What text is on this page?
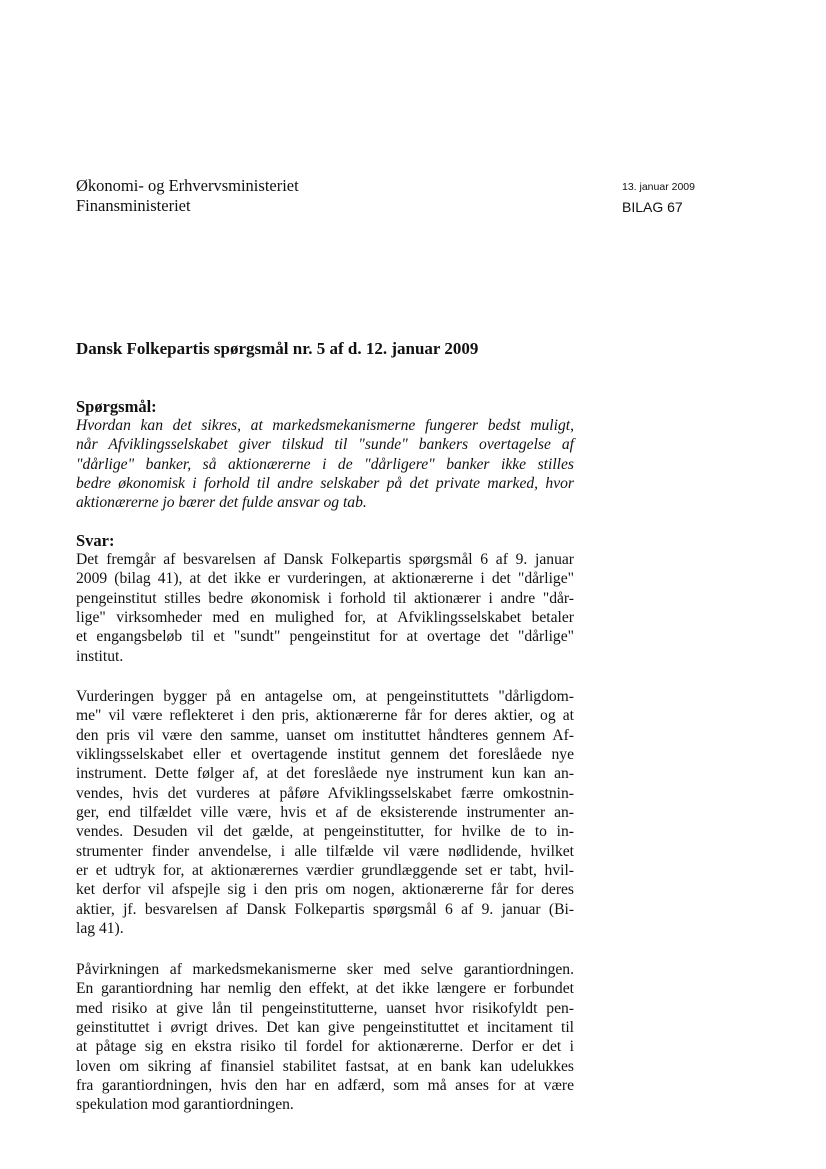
Økonomi- og Erhvervsministeriet
Finansministeriet
13. januar 2009
BILAG 67
Dansk Folkepartis spørgsmål nr. 5 af d. 12. januar 2009

Spørgsmål:

Hvordan kan det sikres, at markedsmekanismerne fungerer bedst muligt,
når Afviklingsselskabet giver tilskud til "sunde" bankers overtagelse af
"dårlige" banker, så aktionærerne i de "dårligere" banker ikke stilles
bedre økonomisk i forhold til andre selskaber på det private marked, hvor
aktionærerne jo bærer det fulde ansvar og tab.

Svar:

Det fremgår af besvarelsen af Dansk Folkepartis spørgsmål 6 af 9. januar
2009 (bilag 41), at det ikke er vurderingen, at aktionærerne i det "dårlige"
pengeinstitut stilles bedre økonomisk i forhold til aktionærer i andre "dår-
lige" virksomheder med en mulighed for, at Afviklingsselskabet betaler
et engangsbeløb til et "sundt" pengeinstitut for at overtage det "dårlige"
institut.

Vurderingen bygger på en antagelse om, at pengeinstituttets "dårligdom-
me" vil være reflekteret i den pris, aktionærerne får for deres aktier, og at
den pris vil være den samme, uanset om instituttet håndteres gennem Af-
viklingsselskabet eller et overtagende institut gennem det foreslåede nye
instrument. Dette følger af, at det foreslåede nye instrument kun kan an-
vendes, hvis det vurderes at påføre Afviklingsselskabet færre omkostnin-
ger, end tilfældet ville være, hvis et af de eksisterende instrumenter an-
vendes. Desuden vil det gælde, at pengeinstitutter, for hvilke de to in-
strumenter finder anvendelse, i alle tilfælde vil være nødlidende, hvilket
er et udtryk for, at aktionærernes værdier grundlæggende set er tabt, hvil-
ket derfor vil afspejle sig i den pris om nogen, aktionærerne får for deres
aktier, jf. besvarelsen af Dansk Folkepartis spørgsmål 6 af 9. januar (Bi-
lag 41).

Påvirkningen af markedsmekanismerne sker med selve garantiordningen.
En garantiordning har nemlig den effekt, at det ikke længere er forbundet
med risiko at give lån til pengeinstitutterne, uanset hvor risikofyldt pen-
geinstituttet i øvrigt drives. Det kan give pengeinstituttet et incitament til
at påtage sig en ekstra risiko til fordel for aktionærerne. Derfor er det i
loven om sikring af finansiel stabilitet fastsat, at en bank kan udelukkes
fra garantiordningen, hvis den har en adfærd, som må anses for at være
spekulation mod garantiordningen.
